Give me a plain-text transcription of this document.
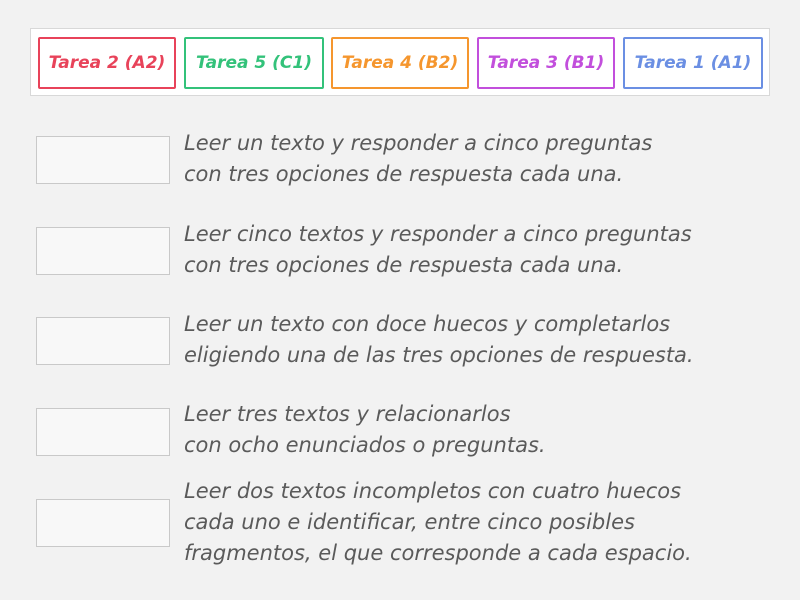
Tarea 2 (A2) Tarea 5 (C1) Tarea 4 (B2) Tarea 3 (B1) Tarea 1 (A1)
Leer un texto y responder a cinco preguntas
con tres opciones de respuesta cada una.
Leer cinco textos y responder a cinco preguntas
con tres opciones de respuesta cada una.
Leer un texto con doce huecos y completarlos
eligiendo una de las tres opciones de respuesta.
Leer tres textos y relacionarlos
con ocho enunciados o preguntas.
Leer dos textos incompletos con cuatro huecos
cada uno e identificar, entre cinco posibles
fragmentos, el que corresponde a cada espacio.
